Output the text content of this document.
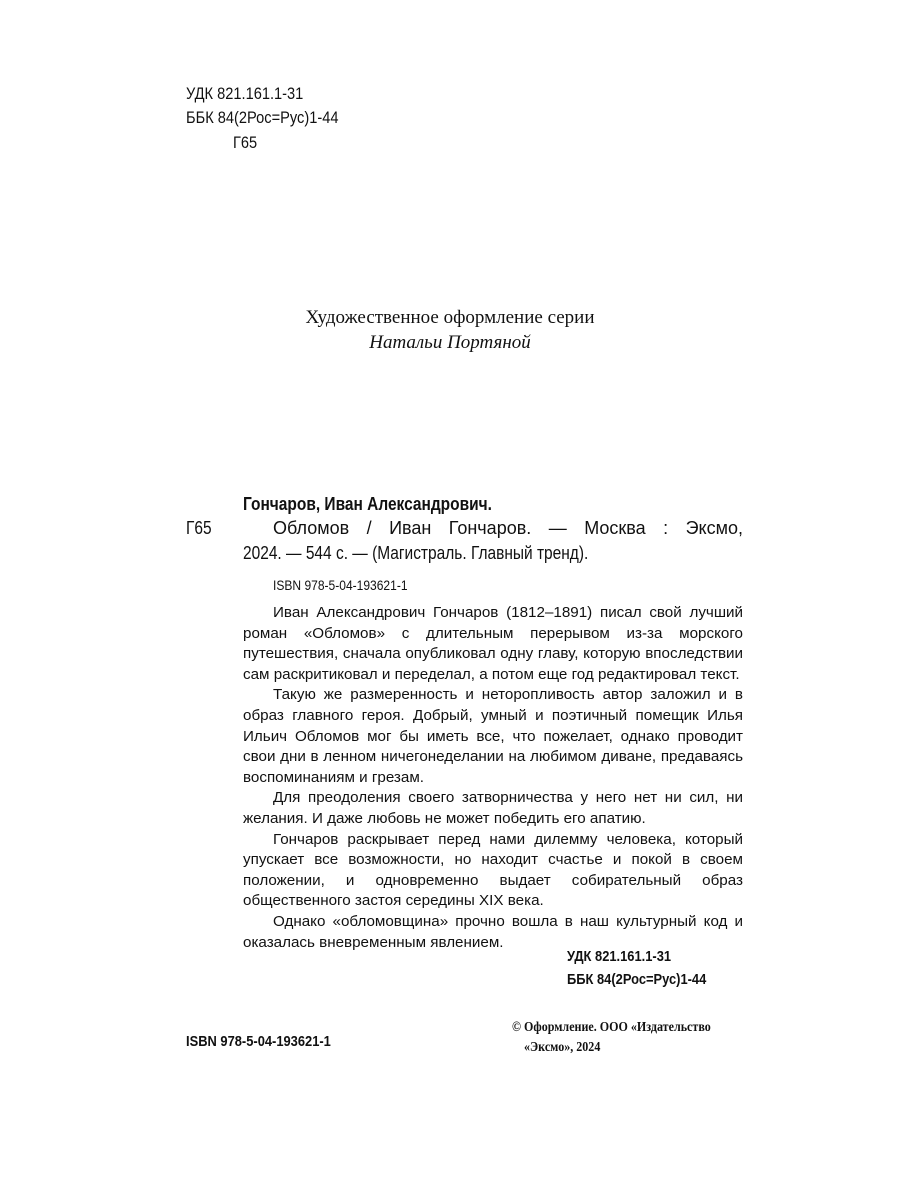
УДК 821.161.1-31
ББК 84(2Рос=Рус)1-44
Г65
Художественное оформление серии
Натальи Портяной
Гончаров, Иван Александрович.
Г65	Обломов / Иван Гончаров. — Москва : Эксмо,
2024. — 544 с. — (Магистраль. Главный тренд).
ISBN 978-5-04-193621-1

Иван Александрович Гончаров (1812–1891) писал свой лучший роман «Обломов» с длительным перерывом из-за морского путешествия, сначала опубликовал одну главу, которую впоследствии сам раскритиковал и переделал, а потом еще год редактировал текст.

Такую же размеренность и неторопливость автор заложил и в образ главного героя. Добрый, умный и поэтичный помещик Илья Ильич Обломов мог бы иметь все, что пожелает, однако проводит свои дни в ленном ничегонеделании на любимом диване, предаваясь воспоминаниям и грезам.

Для преодоления своего затворничества у него нет ни сил, ни желания. И даже любовь не может победить его апатию.

Гончаров раскрывает перед нами дилемму человека, который упускает все возможности, но находит счастье и покой в своем положении, и одновременно выдает собирательный образ общественного застоя середины XIX века.

Однако «обломовщина» прочно вошла в наш культурный код и оказалась вневременным явлением.

УДК 821.161.1-31
ББК 84(2Рос=Рус)1-44
ISBN 978-5-04-193621-1
© Оформление. ООО «Издательство
«Эксмо», 2024
